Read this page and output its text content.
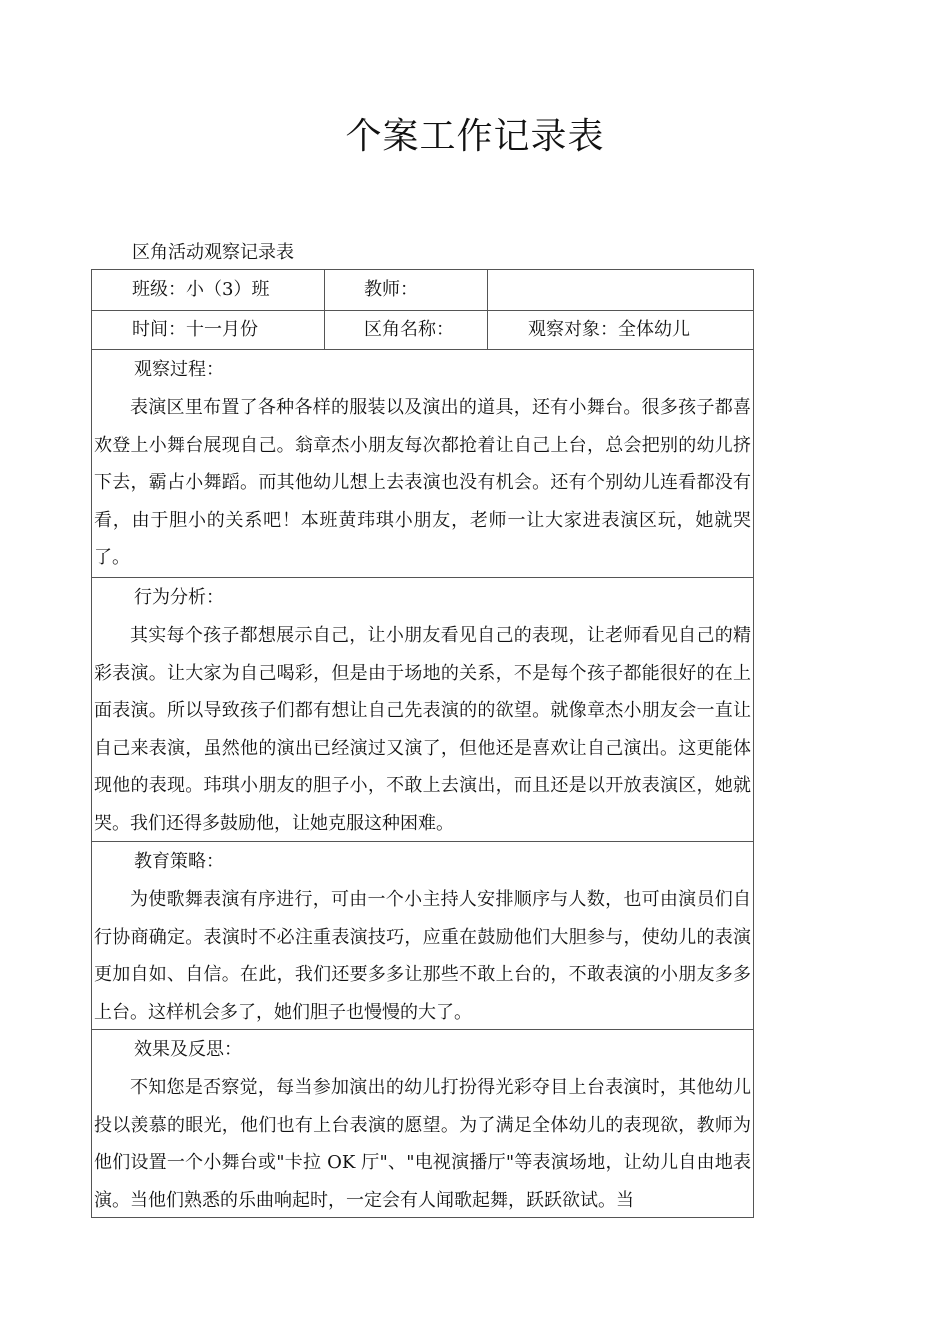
个案工作记录表
区角活动观察记录表
班级：小（3）班	教师：
时间：十一月份	区角名称：	观察对象：全体幼儿
观察过程：
表演区里布置了各种各样的服装以及演出的道具，还有小舞台。很多孩子都喜欢登上小舞台展现自己。翁章杰小朋友每次都抢着让自己上台，总会把别的幼儿挤下去，霸占小舞蹈。而其他幼儿想上去表演也没有机会。还有个别幼儿连看都没有看，由于胆小的关系吧！本班黄玮琪小朋友，老师一让大家进表演区玩，她就哭了。
行为分析：
其实每个孩子都想展示自己，让小朋友看见自己的表现，让老师看见自己的精彩表演。让大家为自己喝彩，但是由于场地的关系，不是每个孩子都能很好的在上面表演。所以导致孩子们都有想让自己先表演的的欲望。就像章杰小朋友会一直让自己来表演，虽然他的演出已经演过又演了，但他还是喜欢让自己演出。这更能体现他的表现。玮琪小朋友的胆子小，不敢上去演出，而且还是以开放表演区，她就哭。我们还得多鼓励他，让她克服这种困难。
教育策略：
为使歌舞表演有序进行，可由一个小主持人安排顺序与人数，也可由演员们自行协商确定。表演时不必注重表演技巧，应重在鼓励他们大胆参与，使幼儿的表演更加自如、自信。在此，我们还要多多让那些不敢上台的，不敢表演的小朋友多多上台。这样机会多了，她们胆子也慢慢的大了。
效果及反思：
不知您是否察觉，每当参加演出的幼儿打扮得光彩夺目上台表演时，其他幼儿投以羡慕的眼光，他们也有上台表演的愿望。为了满足全体幼儿的表现欲，教师为他们设置一个小舞台或"卡拉 OK 厅"、"电视演播厅"等表演场地，让幼儿自由地表演。当他们熟悉的乐曲响起时，一定会有人闻歌起舞，跃跃欲试。当
